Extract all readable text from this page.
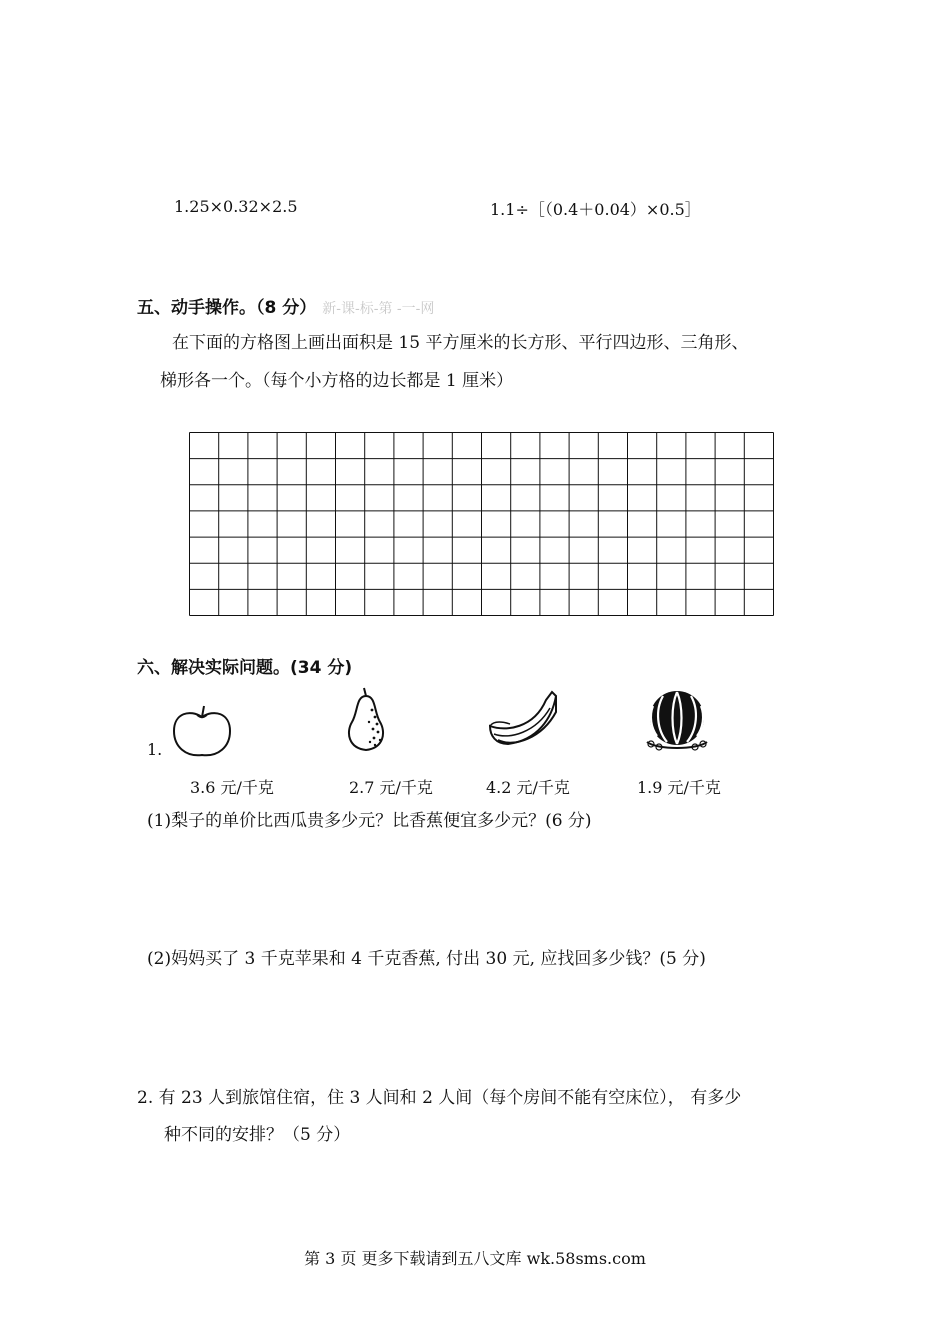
1.25×0.32×2.5	1.1÷［（0.4＋0.04）×0.5］
五、动手操作。（8 分） 新-课-标-第 -一-网
在下面的方格图上画出面积是 15 平方厘米的长方形、平行四边形、三角形、
梯形各一个。（每个小方格的边长都是 1 厘米）
六、解决实际问题。(34 分)
1.
3.6 元/千克	2.7 元/千克	4.2 元/千克	1.9 元/千克
(1)梨子的单价比西瓜贵多少元？比香蕉便宜多少元？(6 分)
(2)妈妈买了 3 千克苹果和 4 千克香蕉, 付出 30 元, 应找回多少钱？(5 分)
2. 有 23 人到旅馆住宿，住 3 人间和 2 人间（每个房间不能有空床位）， 有多少
种不同的安排？（5 分）
第 3 页 更多下载请到五八文库 wk.58sms.com
